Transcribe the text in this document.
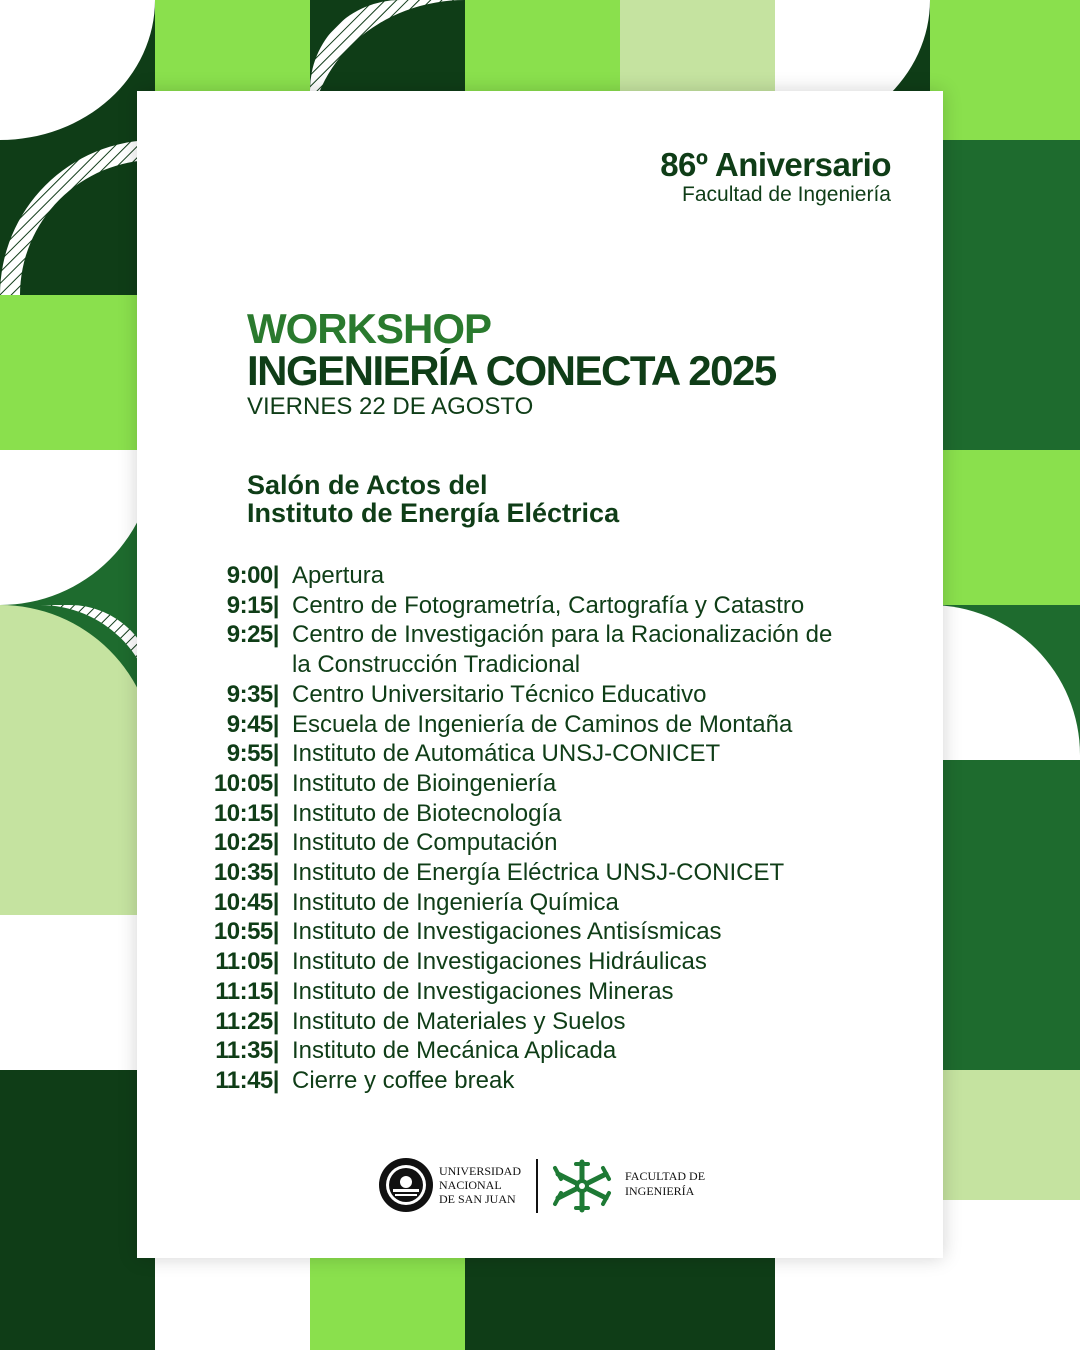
86º Aniversario
Facultad de Ingeniería
WORKSHOP
INGENIERÍA CONECTA 2025
VIERNES 22 DE AGOSTO
Salón de Actos del
Instituto de Energía Eléctrica
9:00| Apertura
9:15| Centro de Fotogrametría, Cartografía y Catastro
9:25| Centro de Investigación para la Racionalización de la Construcción Tradicional
9:35| Centro Universitario Técnico Educativo
9:45| Escuela de Ingeniería de Caminos de Montaña
9:55| Instituto de Automática UNSJ-CONICET
10:05| Instituto de Bioingeniería
10:15| Instituto de Biotecnología
10:25| Instituto de Computación
10:35| Instituto de Energía Eléctrica UNSJ-CONICET
10:45| Instituto de Ingeniería Química
10:55| Instituto de Investigaciones Antisísmicas
11:05| Instituto de Investigaciones Hidráulicas
11:15| Instituto de Investigaciones Mineras
11:25| Instituto de Materiales y Suelos
11:35| Instituto de Mecánica Aplicada
11:45| Cierre y coffee break
UNIVERSIDAD
NACIONAL
DE SAN JUAN
FACULTAD DE
INGENIERÍA
